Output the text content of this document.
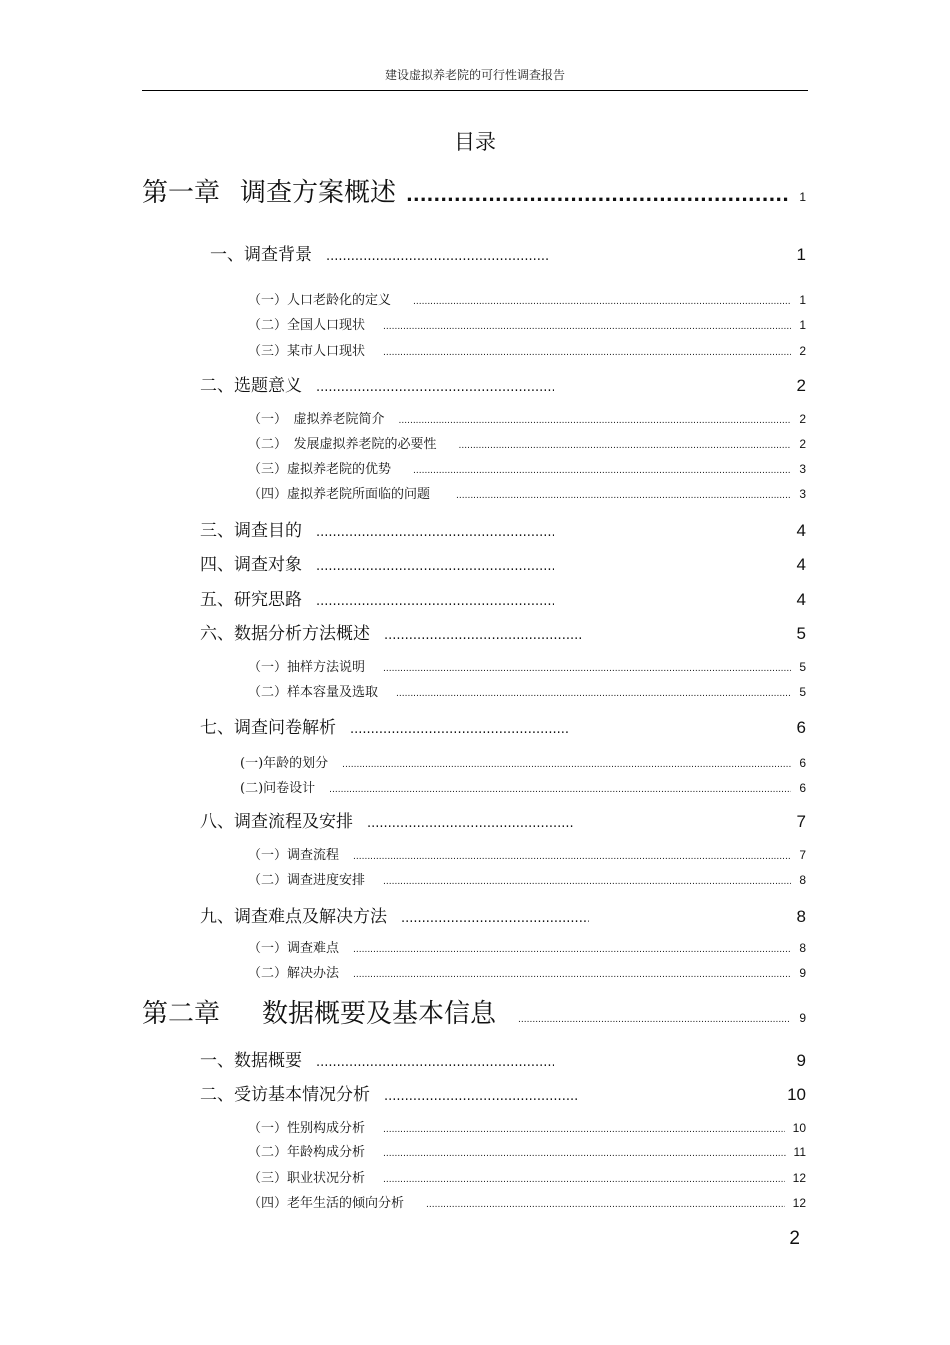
建设虚拟养老院的可行性调查报告
目录
第一章 调查方案概述 .....	1
一、调查背景 .....	1
（一）人口老龄化的定义 .....	1
（二）全国人口现状 .....	1
（三）某市人口现状 .....	2
二、选题意义 .....	2
（一）　虚拟养老院简介 .....	2
（二）　发展虚拟养老院的必要性 .....	2
（三）虚拟养老院的优势 .....	3
（四）虚拟养老院所面临的问题 .....	3
三、调查目的 .....	4
四、调查对象 .....	4
五、研究思路 .....	4
六、数据分析方法概述 .....	5
（一）抽样方法说明 .....	5
（二）样本容量及选取 .....	5
七、调查问卷解析 .....	6
(一)年龄的划分 .....	6
(二)问卷设计 .....	6
八、调查流程及安排 .....	7
（一）调查流程 .....	7
（二）调查进度安排 .....	8
九、调查难点及解决方法 .....	8
（一）调查难点 .....	8
（二）解决办法 .....	9
第二章 数据概要及基本信息 .....	9
一、数据概要 .....	9
二、受访基本情况分析 .....	10
（一）性别构成分析 .....	10
（二）年龄构成分析 .....	11
（三）职业状况分析 .....	12
（四）老年生活的倾向分析 .....	12
2
